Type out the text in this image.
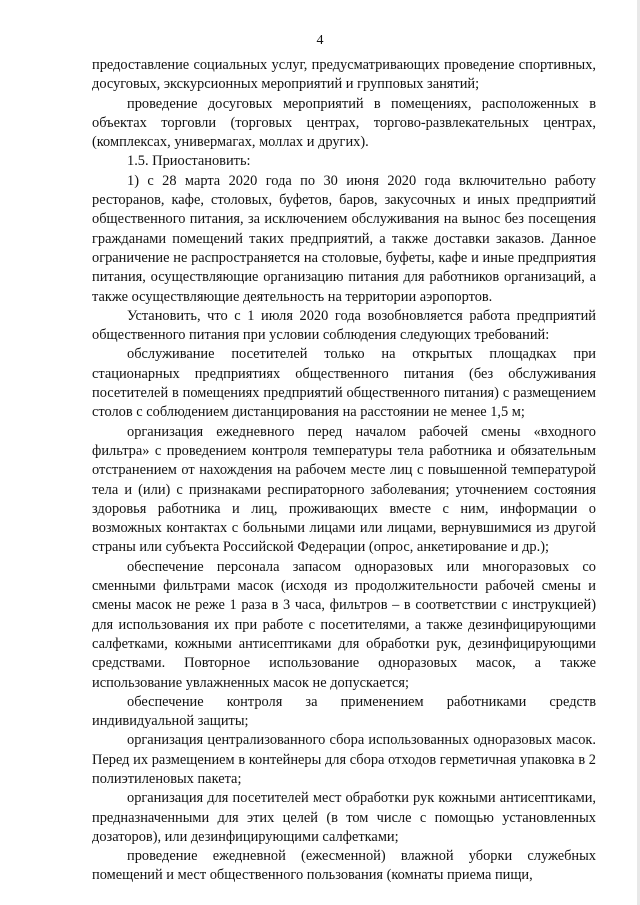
4

предоставление социальных услуг, предусматривающих проведение спортивных, досуговых, экскурсионных мероприятий и групповых занятий;

проведение досуговых мероприятий в помещениях, расположенных в объектах торговли (торговых центрах, торгово-развлекательных центрах, (комплексах, универмагах, моллах и других).

1.5. Приостановить:

1) с 28 марта 2020 года по 30 июня 2020 года включительно работу ресторанов, кафе, столовых, буфетов, баров, закусочных и иных предприятий общественного питания, за исключением обслуживания на вынос без посещения гражданами помещений таких предприятий, а также доставки заказов. Данное ограничение не распространяется на столовые, буфеты, кафе и иные предприятия питания, осуществляющие организацию питания для работников организаций, а также осуществляющие деятельность на территории аэропортов.

Установить, что с 1 июля 2020 года возобновляется работа предприятий общественного питания при условии соблюдения следующих требований:

обслуживание посетителей только на открытых площадках при стационарных предприятиях общественного питания (без обслуживания посетителей в помещениях предприятий общественного питания) с размещением столов с соблюдением дистанцирования на расстоянии не менее 1,5 м;

организация ежедневного перед началом рабочей смены «входного фильтра» с проведением контроля температуры тела работника и обязательным отстранением от нахождения на рабочем месте лиц с повышенной температурой тела и (или) с признаками респираторного заболевания; уточнением состояния здоровья работника и лиц, проживающих вместе с ним, информации о возможных контактах с больными лицами или лицами, вернувшимися из другой страны или субъекта Российской Федерации (опрос, анкетирование и др.);

обеспечение персонала запасом одноразовых или многоразовых со сменными фильтрами масок (исходя из продолжительности рабочей смены и смены масок не реже 1 раза в 3 часа, фильтров – в соответствии с инструкцией) для использования их при работе с посетителями, а также дезинфицирующими салфетками, кожными антисептиками для обработки рук, дезинфицирующими средствами. Повторное использование одноразовых масок, а также использование увлажненных масок не допускается;

обеспечение контроля за применением работниками средств индивидуальной защиты;

организация централизованного сбора использованных одноразовых масок. Перед их размещением в контейнеры для сбора отходов герметичная упаковка в 2 полиэтиленовых пакета;

организация для посетителей мест обработки рук кожными антисептиками, предназначенными для этих целей (в том числе с помощью установленных дозаторов), или дезинфицирующими салфетками;

проведение ежедневной (ежесменной) влажной уборки служебных помещений и мест общественного пользования (комнаты приема пищи,
